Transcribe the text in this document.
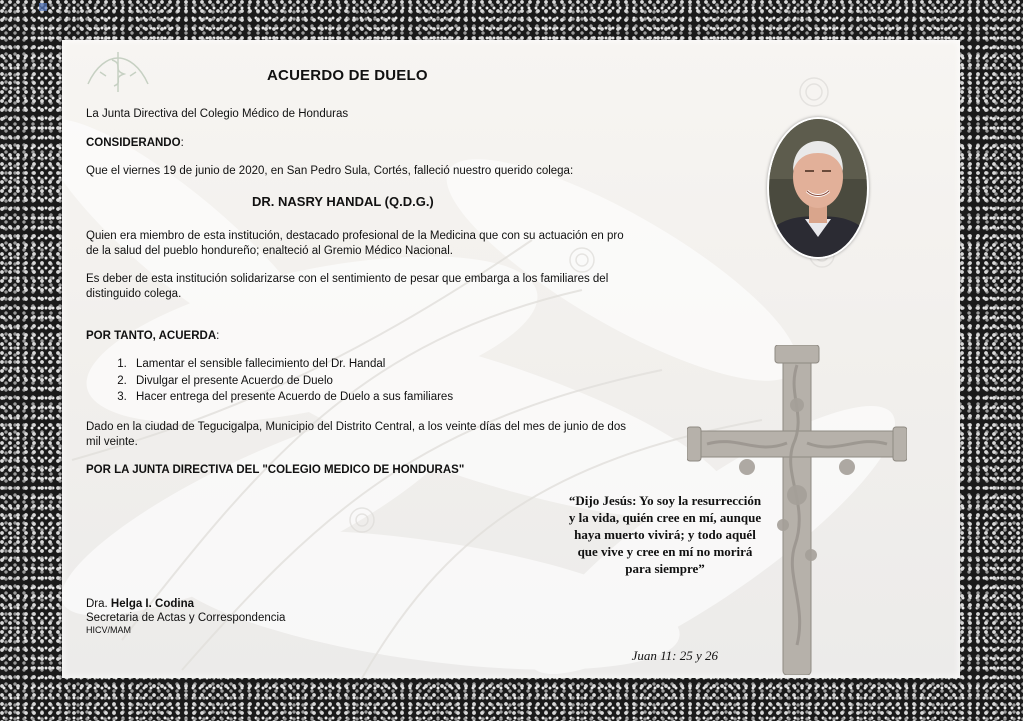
ACUERDO DE DUELO
La Junta Directiva del Colegio Médico de Honduras
CONSIDERANDO:
Que el viernes 19 de junio de 2020, en San Pedro Sula, Cortés, falleció nuestro querido colega:
DR. NASRY HANDAL (Q.D.G.)
Quien era miembro de esta institución, destacado profesional de la Medicina que con su actuación en pro de la salud del pueblo hondureño; enalteció al Gremio Médico Nacional.
Es deber de esta institución solidarizarse con el sentimiento de pesar que embarga a los familiares del distinguido colega.
POR TANTO, ACUERDA:
1. Lamentar el sensible fallecimiento del Dr. Handal
2. Divulgar el presente Acuerdo de Duelo
3. Hacer entrega del presente Acuerdo de Duelo a sus familiares
Dado en la ciudad de Tegucigalpa, Municipio del Distrito Central, a los veinte días del mes de junio de dos mil veinte.
POR LA JUNTA DIRECTIVA DEL "COLEGIO MEDICO DE HONDURAS"
“Dijo Jesús: Yo soy la resurrección y la vida, quién cree en mí, aunque haya muerto vivirá; y todo aquél que vive y cree en mí no morirá para siempre”
Juan 11: 25 y 26
Dra. Helga I. Codina
Secretaria de Actas y Correspondencia
HICV/MAM
